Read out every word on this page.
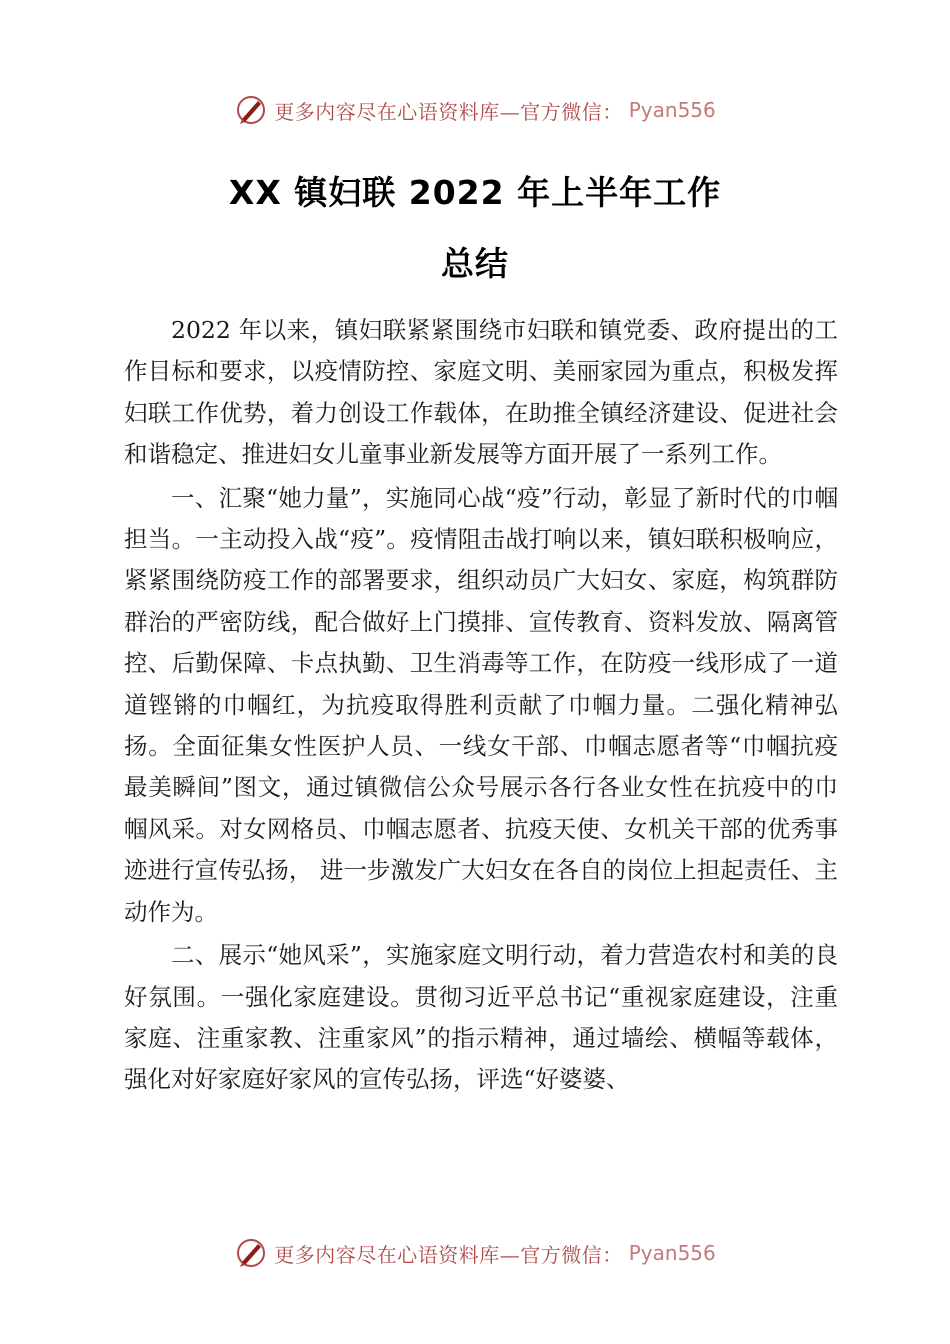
更多内容尽在心语资料库—官方微信： Pyan556
XX 镇妇联 2022 年上半年工作
总结

2022 年以来，镇妇联紧紧围绕市妇联和镇党委、政府提出的工作目标和要求，以疫情防控、家庭文明、美丽家园为重点，积极发挥妇联工作优势，着力创设工作载体，在助推全镇经济建设、促进社会和谐稳定、推进妇女儿童事业新发展等方面开展了一系列工作。

一、汇聚“她力量”，实施同心战“疫”行动，彰显了新时代的巾帼担当。一主动投入战“疫”。疫情阻击战打响以来，镇妇联积极响应，紧紧围绕防疫工作的部署要求，组织动员广大妇女、家庭，构筑群防群治的严密防线，配合做好上门摸排、宣传教育、资料发放、隔离管控、后勤保障、卡点执勤、卫生消毒等工作，在防疫一线形成了一道道铿锵的巾帼红，为抗疫取得胜利贡献了巾帼力量。二强化精神弘扬。全面征集女性医护人员、一线女干部、巾帼志愿者等“巾帼抗疫最美瞬间”图文，通过镇微信公众号展示各行各业女性在抗疫中的巾帼风采。对女网格员、巾帼志愿者、抗疫天使、女机关干部的优秀事迹进行宣传弘扬， 进一步激发广大妇女在各自的岗位上担起责任、主动作为。

二、展示“她风采”，实施家庭文明行动，着力营造农村和美的良好氛围。一强化家庭建设。贯彻习近平总书记“重视家庭建设，注重家庭、注重家教、注重家风”的指示精神，通过墙绘、横幅等载体，强化对好家庭好家风的宣传弘扬，评选“好婆婆、

更多内容尽在心语资料库—官方微信： Pyan556
